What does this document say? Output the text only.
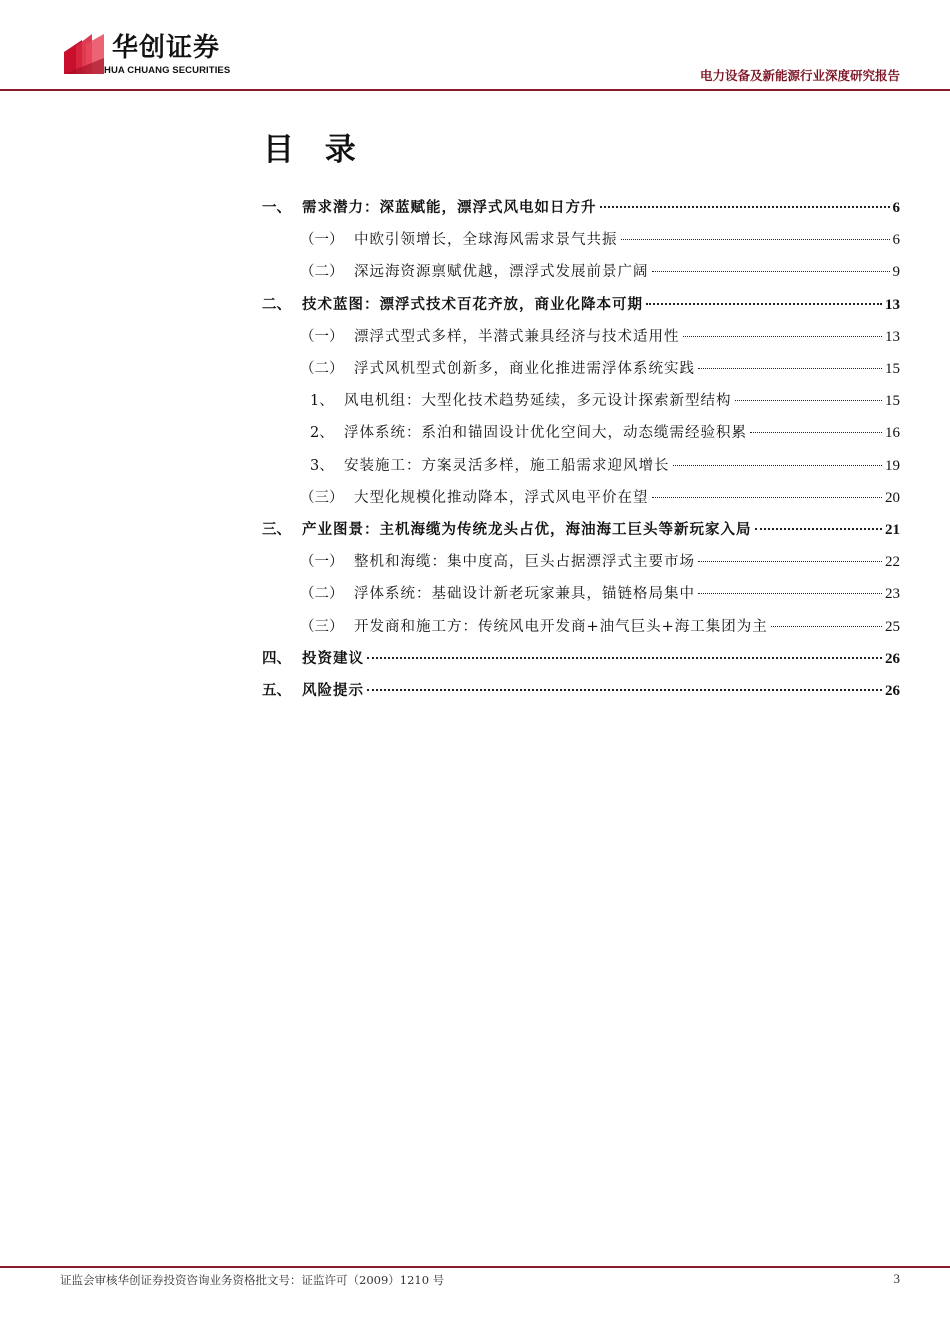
华创证券
HUA CHUANG SECURITIES	电力设备及新能源行业深度研究报告
目 录
一、 需求潜力：深蓝赋能，漂浮式风电如日方升	6
（一） 中欧引领增长，全球海风需求景气共振	6
（二） 深远海资源禀赋优越，漂浮式发展前景广阔	9
二、 技术蓝图：漂浮式技术百花齐放，商业化降本可期	13
（一） 漂浮式型式多样，半潜式兼具经济与技术适用性	13
（二） 浮式风机型式创新多，商业化推进需浮体系统实践	15
1、 风电机组：大型化技术趋势延续，多元设计探索新型结构	15
2、 浮体系统：系泊和锚固设计优化空间大，动态缆需经验积累	16
3、 安装施工：方案灵活多样，施工船需求迎风增长	19
（三） 大型化规模化推动降本，浮式风电平价在望	20
三、 产业图景：主机海缆为传统龙头占优，海油海工巨头等新玩家入局	21
（一） 整机和海缆：集中度高，巨头占据漂浮式主要市场	22
（二） 浮体系统：基础设计新老玩家兼具，锚链格局集中	23
（三） 开发商和施工方：传统风电开发商+油气巨头+海工集团为主	25
四、 投资建议	26
五、 风险提示	26
证监会审核华创证券投资咨询业务资格批文号：证监许可（2009）1210 号	3
